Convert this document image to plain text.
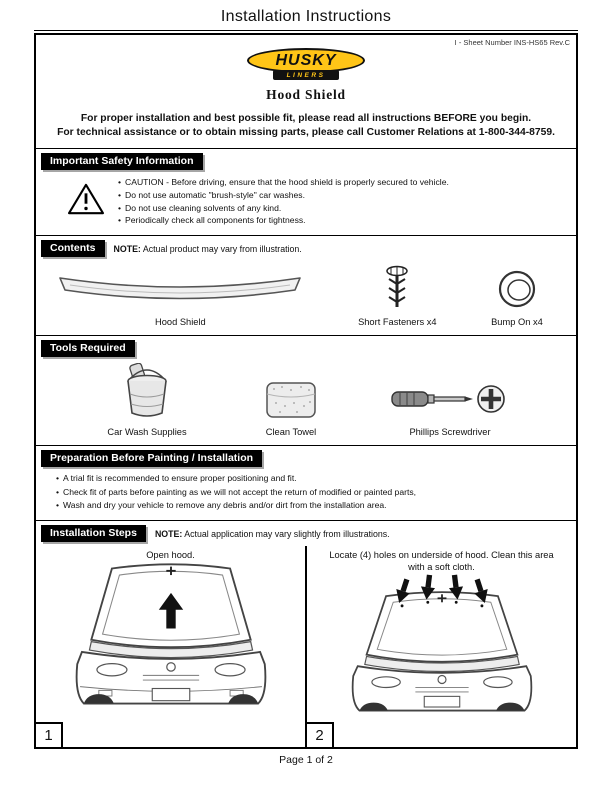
Installation Instructions
I - Sheet Number INS-HS65 Rev.C
HUSKY
LINERS
Hood Shield
For proper installation and best possible fit, please read all instructions BEFORE you begin.
For technical assistance or to obtain missing parts, please call Customer Relations at 1-800-344-8759.
Important Safety Information
• CAUTION - Before driving, ensure that the hood shield is properly secured to vehicle.
• Do not use automatic "brush-style" car washes.
• Do not use cleaning solvents of any kind.
• Periodically check all components for tightness.
Contents	NOTE: Actual product may vary from illustration.
Hood Shield	Short Fasteners x4	Bump On x4
Tools Required
Car Wash Supplies	Clean Towel	Phillips Screwdriver
Preparation Before Painting / Installation
• A trial fit is recommended to ensure proper positioning and fit.
• Check fit of parts before painting as we will not accept the return of modified or painted parts,
• Wash and dry your vehicle to remove any debris and/or dirt from the installation area.
Installation Steps	NOTE: Actual application may vary slightly from illustrations.
Open hood.
1
Locate (4) holes on underside of hood. Clean this area with a soft cloth.
2
Page 1 of 2
